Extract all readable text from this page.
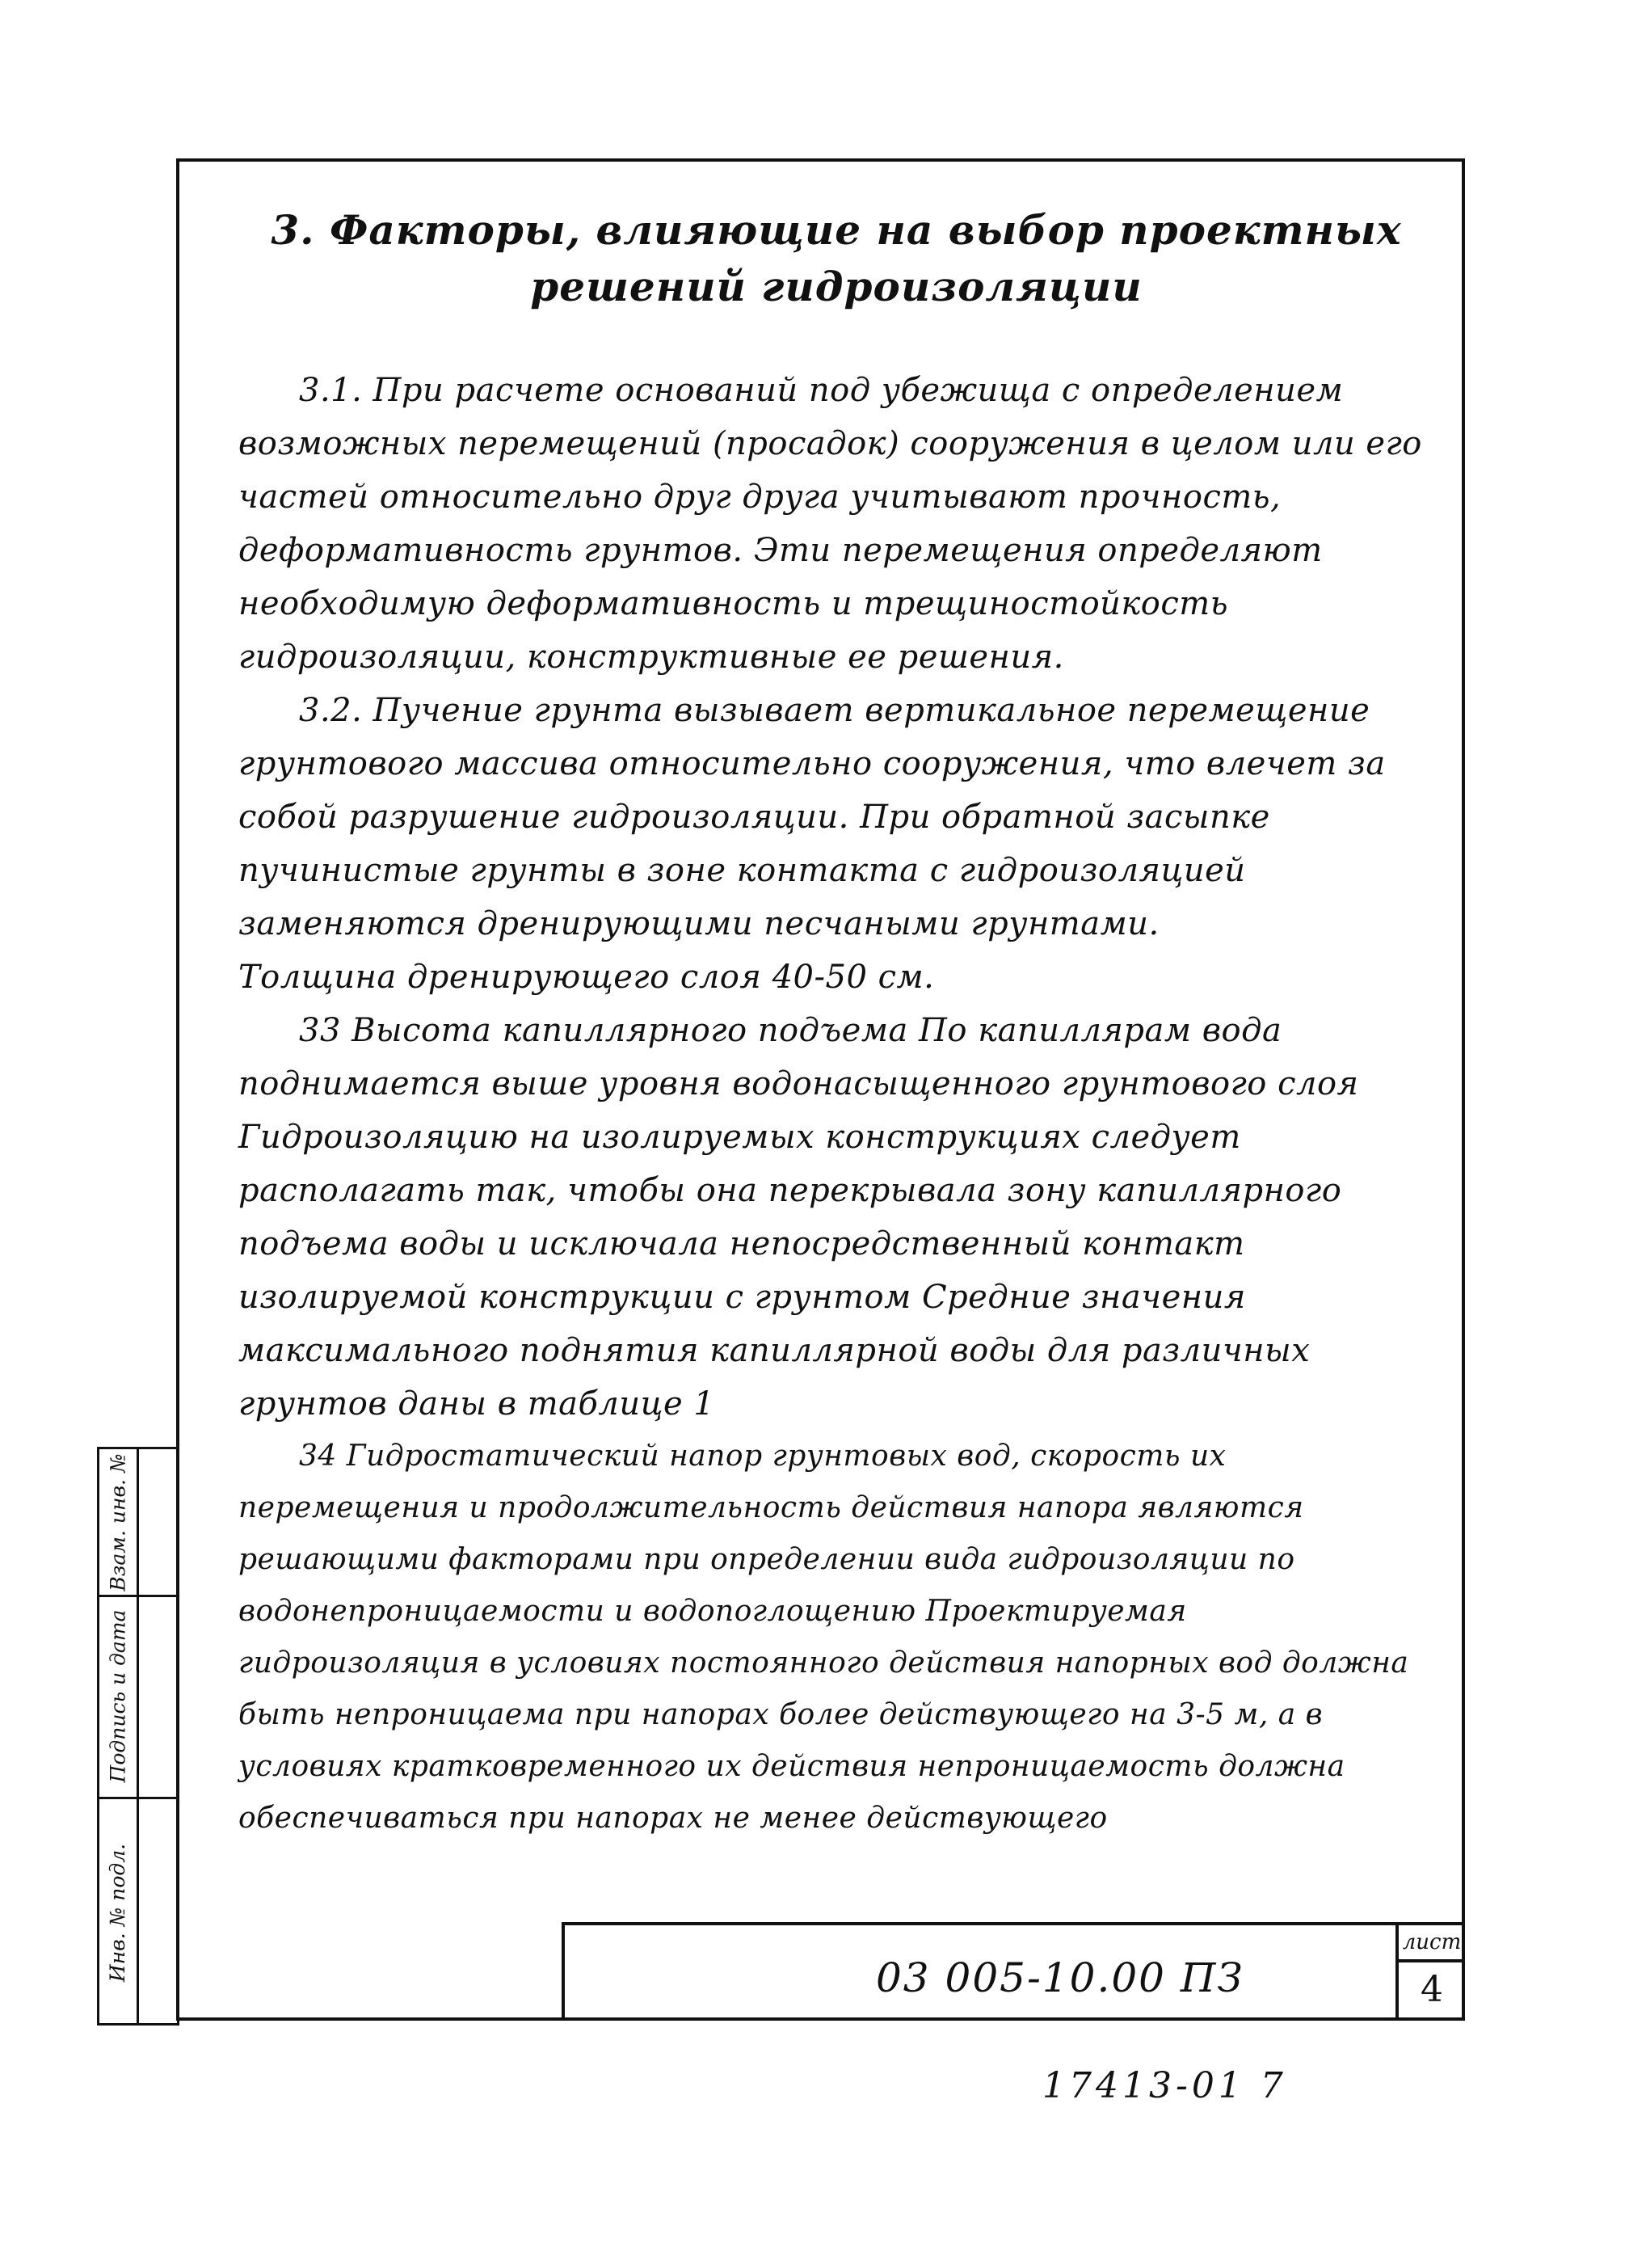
3. Факторы, влияющие на выбор проектных
решений гидроизоляции

3.1. При расчете оснований под убежища с определением возможных перемещений (просадок) сооружения в целом или его частей относительно друг друга учитывают прочность, деформативность грунтов. Эти перемещения определяют необходимую деформативность и трещиностойкость гидроизоляции, конструктивные ее решения.

3.2. Пучение грунта вызывает вертикальное перемещение грунтового массива относительно сооружения, что влечет за собой разрушение гидроизоляции. При обратной засыпке пучинистые грунты в зоне контакта с гидроизоляцией заменяются дренирующими песчаными грунтами.

Толщина дренирующего слоя 40-50 см.

33 Высота капиллярного подъема По капиллярам вода поднимается выше уровня водонасыщенного грунтового слоя Гидроизоляцию на изолируемых конструкциях следует располагать так, чтобы она перекрывала зону капиллярного подъема воды и исключала непосредственный контакт изолируемой конструкции с грунтом Средние значения максимального поднятия капиллярной воды для различных грунтов даны в таблице 1

34 Гидростатический напор грунтовых вод, скорость их перемещения и продолжительность действия напора являются решающими факторами при определении вида гидроизоляции по водонепроницаемости и водопоглощению Проектируемая гидроизоляция в условиях постоянного действия напорных вод должна быть непроницаема при напорах более действующего на 3-5 м, а в условиях кратковременного их действия непроницаемость должна обеспечиваться при напорах не менее действующего

Взам. инв. №
Подпись и дата
Инв. № подл.	03 005-10.00 ПЗ
лист
4
17413-01 7
